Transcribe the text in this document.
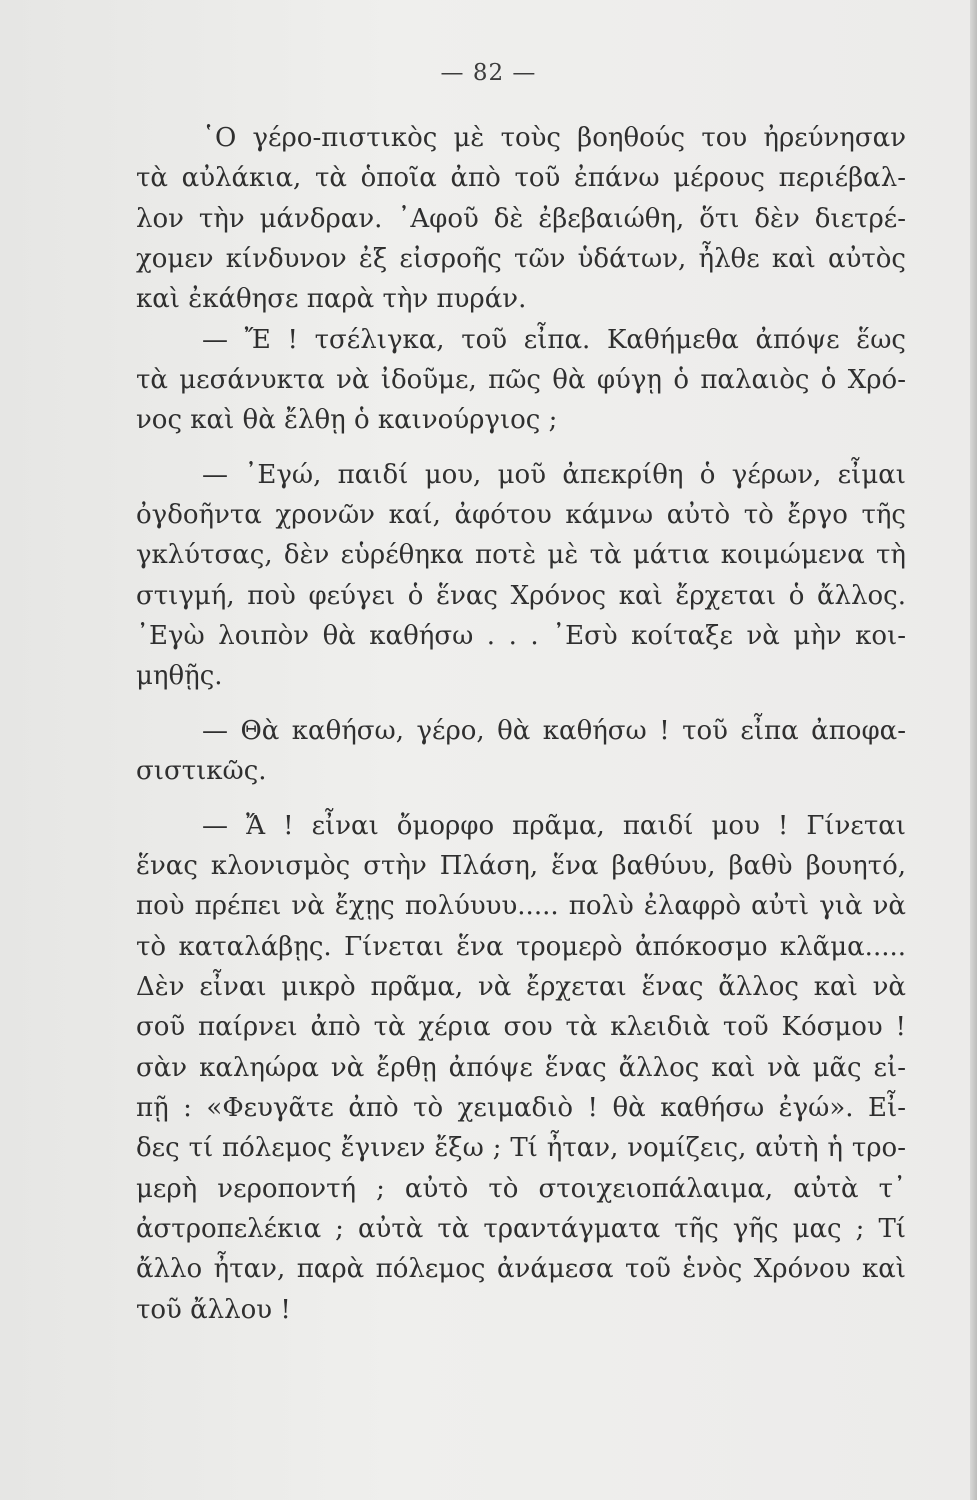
— 82 —
῾Ο γέρο-πιστικὸς μὲ τοὺς βοηθούς του ἠρεύνησαν
τὰ αὐλάκια, τὰ ὁποῖα ἀπὸ τοῦ ἐπάνω μέρους περιέβαλ-
λον τὴν μάνδραν. ᾿Αφοῦ δὲ ἐβεβαιώθη, ὅτι δὲν διετρέ-
χομεν κίνδυνον ἐξ εἰσροῆς τῶν ὑδάτων, ἦλθε καὶ αὐτὸς
καὶ ἐκάθησε παρὰ τὴν πυράν.
— Ἔ ! τσέλιγκα, τοῦ εἶπα. Καθήμεθα ἀπόψε ἕως
τὰ μεσάνυκτα νὰ ἰδοῦμε, πῶς θὰ φύγῃ ὁ παλαιὸς ὁ Χρό-
νος καὶ θὰ ἔλθῃ ὁ καινούργιος ;
— ᾿Εγώ, παιδί μου, μοῦ ἀπεκρίθη ὁ γέρων, εἶμαι
ὀγδοῆντα χρονῶν καί, ἀφότου κάμνω αὐτὸ τὸ ἔργο τῆς
γκλύτσας, δὲν εὑρέθηκα ποτὲ μὲ τὰ μάτια κοιμώμενα τὴ
στιγμή, ποὺ φεύγει ὁ ἕνας Χρόνος καὶ ἔρχεται ὁ ἄλλος.
᾿Εγὼ λοιπὸν θὰ καθήσω . . . ᾿Εσὺ κοίταξε νὰ μὴν κοι-
μηθῇς.
— Θὰ καθήσω, γέρο, θὰ καθήσω ! τοῦ εἶπα ἀποφα-
σιστικῶς.
— Ἄ ! εἶναι ὄμορφο πρᾶμα, παιδί μου ! Γίνεται
ἕνας κλονισμὸς στὴν Πλάση, ἕνα βαθύυυ, βαθὺ βουητό,
ποὺ πρέπει νὰ ἔχῃς πολύυυυ..... πολὺ ἐλαφρὸ αὐτὶ γιὰ νὰ
τὸ καταλάβῃς. Γίνεται ἕνα τρομερὸ ἀπόκοσμο κλᾶμα.....
Δὲν εἶναι μικρὸ πρᾶμα, νὰ ἔρχεται ἕνας ἄλλος καὶ νὰ
σοῦ παίρνει ἀπὸ τὰ χέρια σου τὰ κλειδιὰ τοῦ Κόσμου !
σὰν καληώρα νὰ ἔρθῃ ἀπόψε ἕνας ἄλλος καὶ νὰ μᾶς εἰ-
πῇ : «Φευγᾶτε ἀπὸ τὸ χειμαδιὸ ! θὰ καθήσω ἐγώ». Εἶ-
δες τί πόλεμος ἔγινεν ἔξω ; Τί ἦταν, νομίζεις, αὐτὴ ἡ τρο-
μερὴ νεροποντή ; αὐτὸ τὸ στοιχειοπάλαιμα, αὐτὰ τ᾿
ἀστροπελέκια ; αὐτὰ τὰ τραντάγματα τῆς γῆς μας ; Τί
ἄλλο ἦταν, παρὰ πόλεμος ἀνάμεσα τοῦ ἑνὸς Χρόνου καὶ
τοῦ ἄλλου !
